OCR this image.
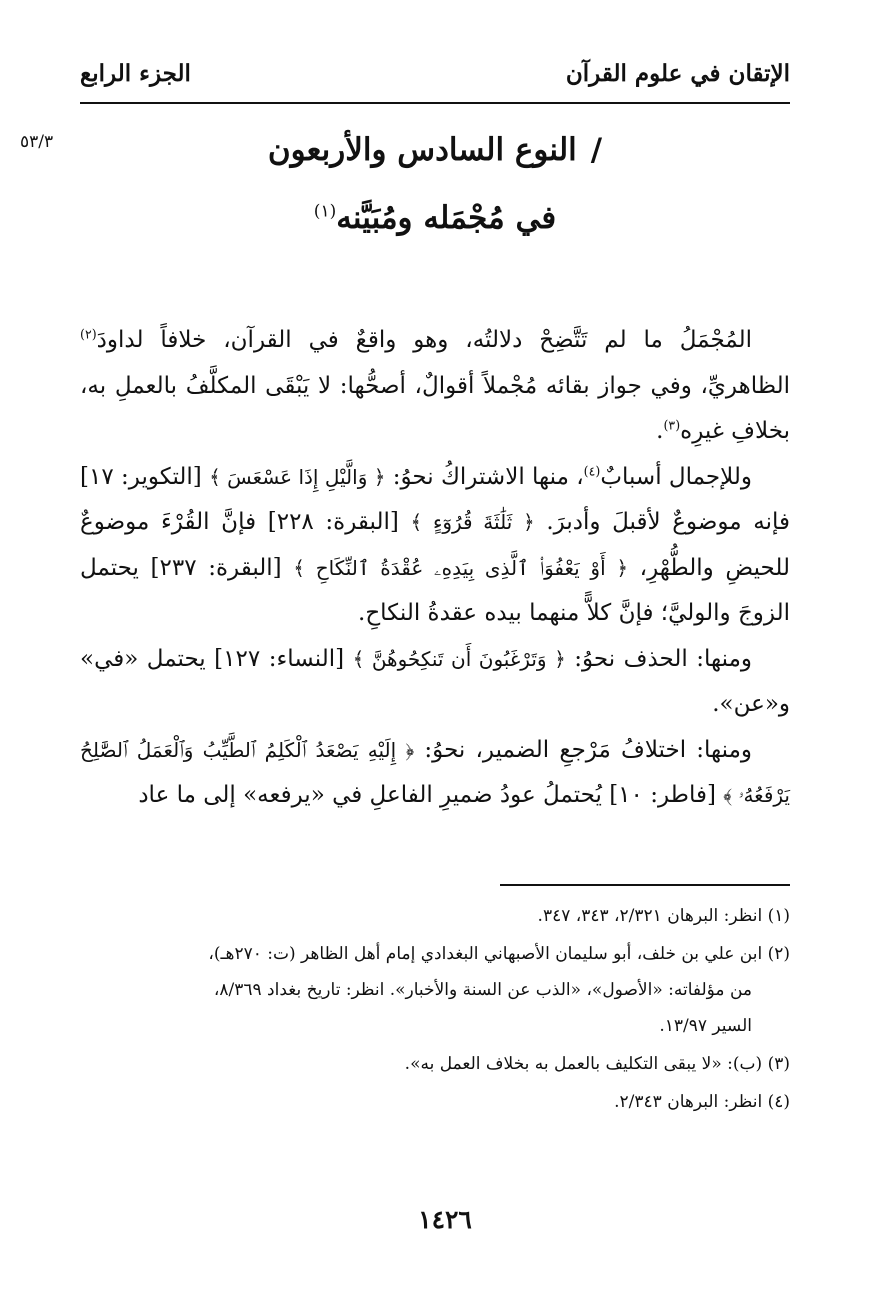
الإتقان في علوم القرآن
الجزء الرابع
٥٣/٣	/النوع السادس والأربعون
في مُجْمَله ومُبَيَّنه$^{(١)}$

المُجْمَلُ ما لم تَتَّضِحْ دلالتُه، وهو واقعٌ في القرآن، خلافاً لداودَ$^{(٢)}$ الظاهريِّ، وفي جواز بقائه مُجْملاً أقوالٌ، أصحُّها: لا يَبْقَى المكلَّفُ بالعملِ به، بخلافِ غيرِه$^{(٣)}$.

وللإجمال أسبابٌ$^{(٤)}$، منها الاشتراكُ نحوُ: ﴿ وَالَّيْلِ إِذَا عَسْعَسَ ﴾ [التكوير: ١٧] فإنه موضوعٌ لأقبلَ وأدبرَ. ﴿ ثَلَٰثَةَ قُرُوٓءٍ ﴾ [البقرة: ٢٢٨] فإنَّ القُرْءَ موضوعٌ للحيضِ والطُّهْرِ، ﴿ أَوْ يَعْفُوَا۟ ٱلَّذِى بِيَدِهِۦ عُقْدَةُ ٱلنِّكَاحِ ﴾ [البقرة: ٢٣٧] يحتمل الزوجَ والوليَّ؛ فإنَّ كلاًّ منهما بيده عقدةُ النكاحِ.

ومنها: الحذف نحوُ: ﴿ وَتَرْغَبُونَ أَن تَنكِحُوهُنَّ ﴾ [النساء: ١٢٧] يحتمل «في» و«عن».

ومنها: اختلافُ مَرْجعِ الضمير، نحوُ: ﴿ إِلَيْهِ يَصْعَدُ ٱلْكَلِمُ ٱلطَّيِّبُ وَٱلْعَمَلُ ٱلصَّٰلِحُ يَرْفَعُهُۥ ﴾ [فاطر: ١٠] يُحتملُ عودُ ضميرِ الفاعلِ في «يرفعه» إلى ما عاد

(١) انظر: البرهان ٢/٣٢١، ٣٤٣، ٣٤٧.
(٢) ابن علي بن خلف، أبو سليمان الأصبهاني البغدادي إمام أهل الظاهر (ت: ٢٧٠هـ)،
من مؤلفاته: «الأصول»، «الذب عن السنة والأخبار». انظر: تاريخ بغداد ٨/٣٦٩،
السير ١٣/٩٧.
(٣) (ب): «لا يبقى التكليف بالعمل به بخلاف العمل به».
(٤) انظر: البرهان ٢/٣٤٣.
١٤٢٦
